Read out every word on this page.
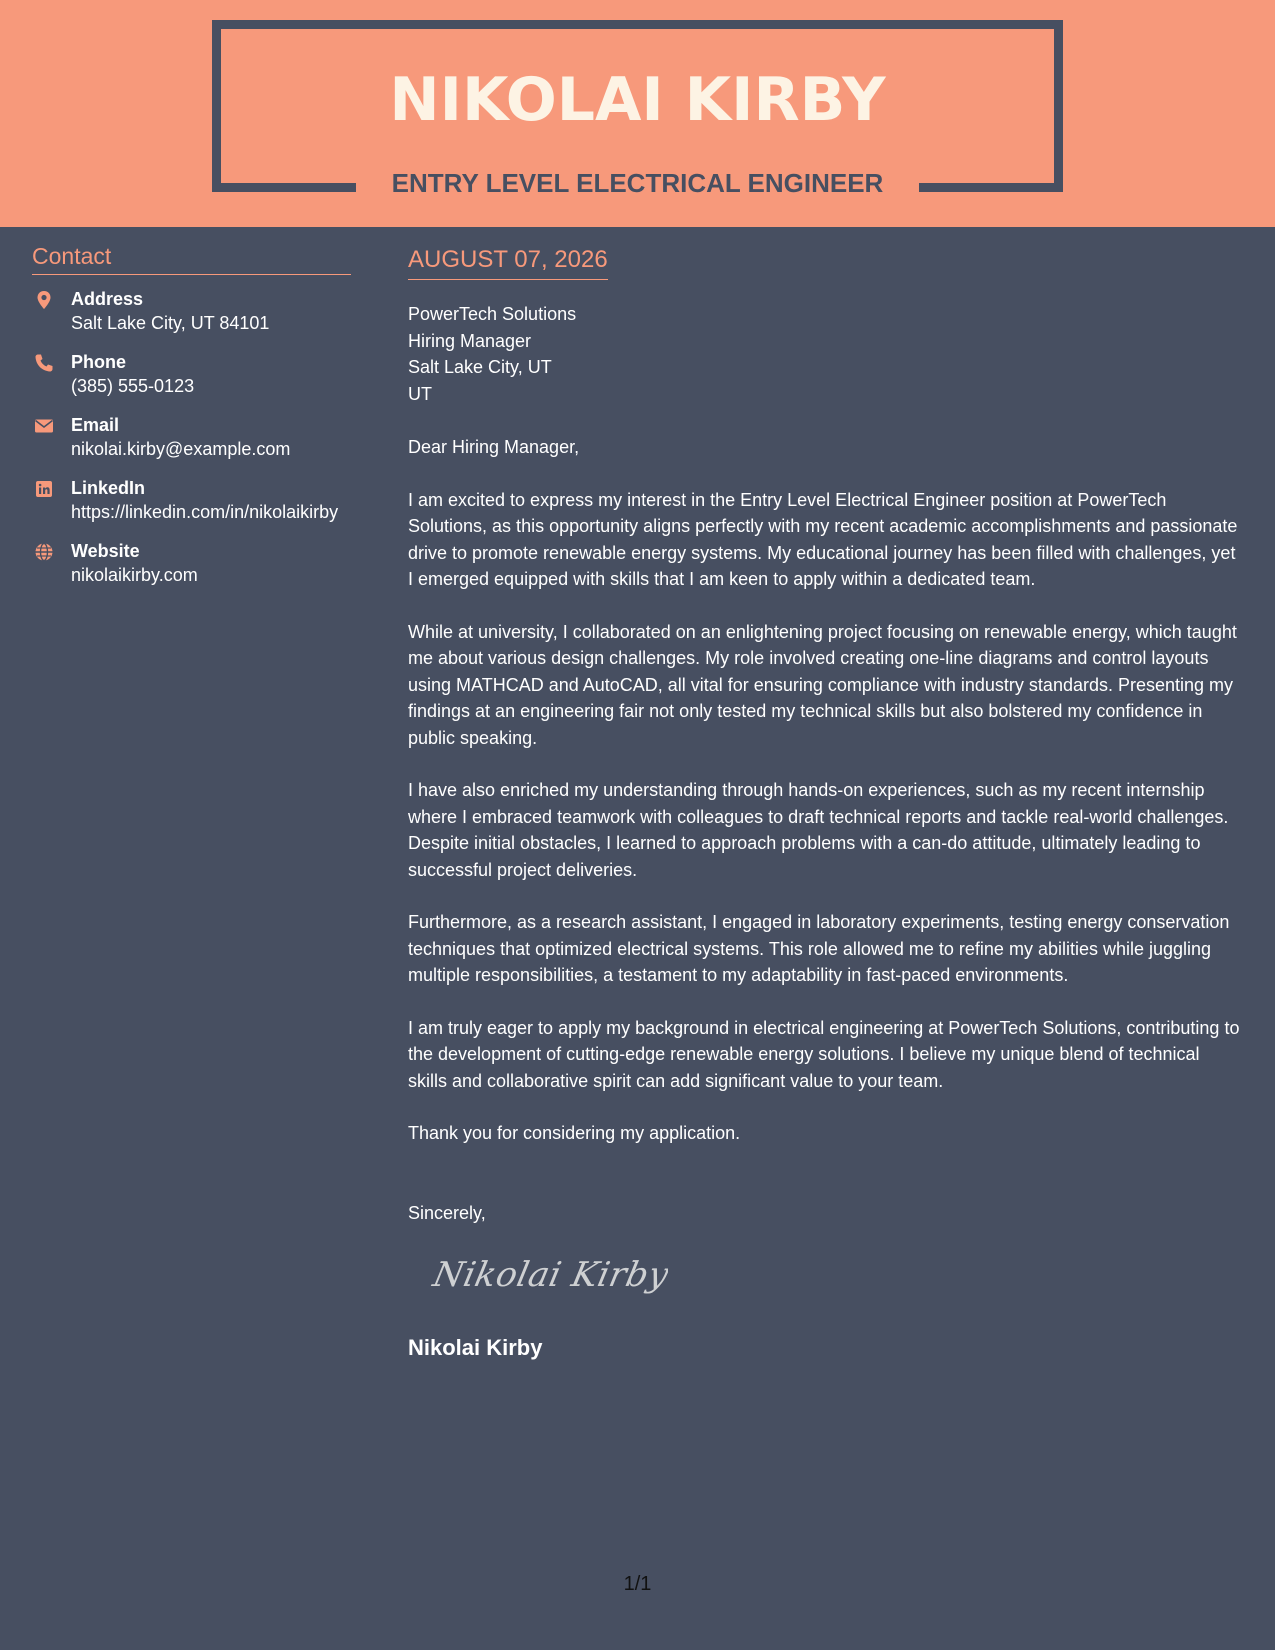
NIKOLAI KIRBY
ENTRY LEVEL ELECTRICAL ENGINEER
Contact
Address
Salt Lake City, UT 84101
Phone
(385) 555-0123
Email
nikolai.kirby@example.com
LinkedIn
https://linkedin.com/in/nikolaikirby
Website
nikolaikirby.com
AUGUST 07, 2026
PowerTech Solutions
Hiring Manager
Salt Lake City, UT
UT

Dear Hiring Manager,

I am excited to express my interest in the Entry Level Electrical Engineer position at PowerTech Solutions, as this opportunity aligns perfectly with my recent academic accomplishments and passionate drive to promote renewable energy systems. My educational journey has been filled with challenges, yet I emerged equipped with skills that I am keen to apply within a dedicated team.

While at university, I collaborated on an enlightening project focusing on renewable energy, which taught me about various design challenges. My role involved creating one-line diagrams and control layouts using MATHCAD and AutoCAD, all vital for ensuring compliance with industry standards. Presenting my findings at an engineering fair not only tested my technical skills but also bolstered my confidence in public speaking.

I have also enriched my understanding through hands-on experiences, such as my recent internship where I embraced teamwork with colleagues to draft technical reports and tackle real-world challenges. Despite initial obstacles, I learned to approach problems with a can-do attitude, ultimately leading to successful project deliveries.

Furthermore, as a research assistant, I engaged in laboratory experiments, testing energy conservation techniques that optimized electrical systems. This role allowed me to refine my abilities while juggling multiple responsibilities, a testament to my adaptability in fast-paced environments.

I am truly eager to apply my background in electrical engineering at PowerTech Solutions, contributing to the development of cutting-edge renewable energy solutions. I believe my unique blend of technical skills and collaborative spirit can add significant value to your team.

Thank you for considering my application.

Sincerely,

Nikolai Kirby
Nikolai Kirby
1/1
